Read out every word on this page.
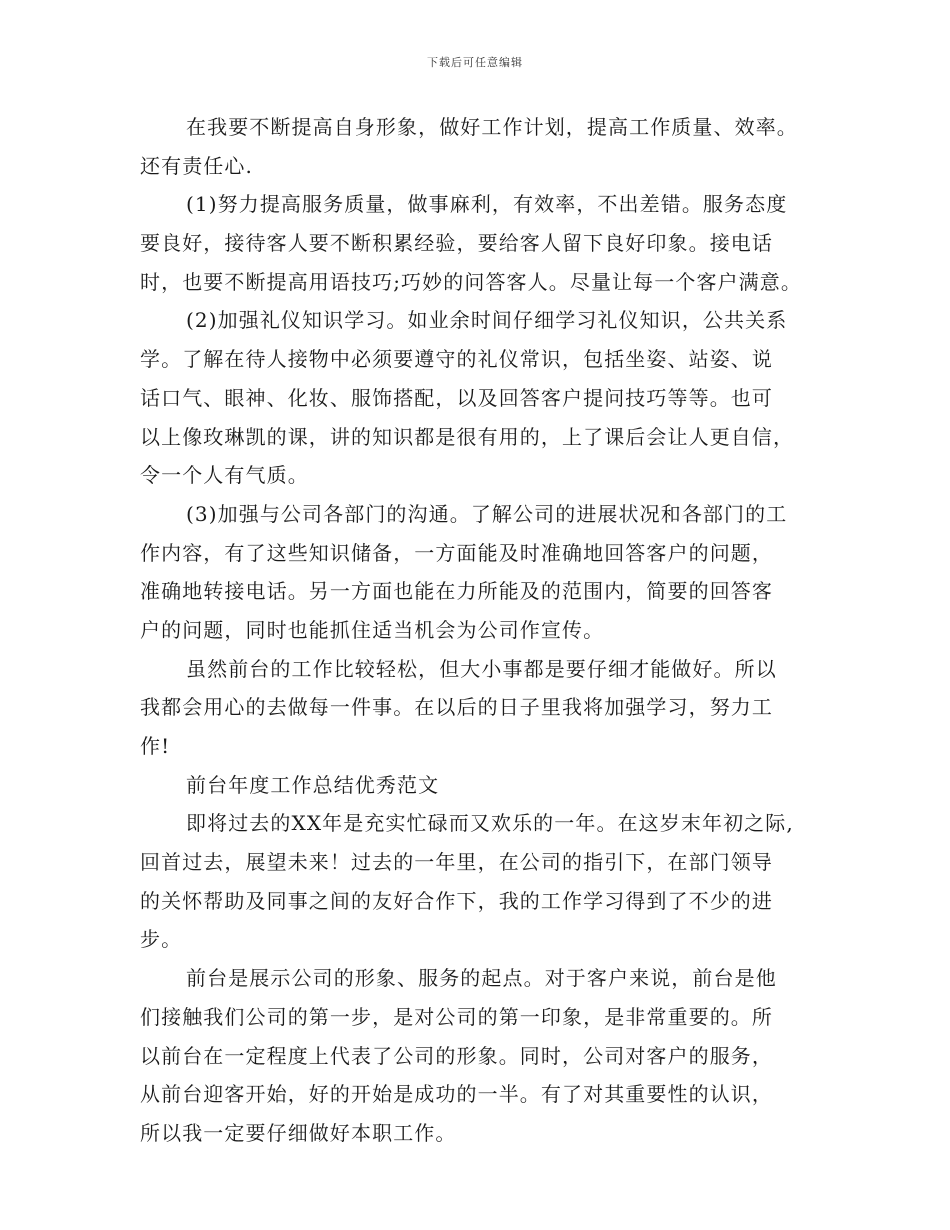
下载后可任意编辑
在我要不断提高自身形象，做好工作计划，提高工作质量、效率。
还有责任心.
(1)努力提高服务质量，做事麻利，有效率，不出差错。服务态度
要良好，接待客人要不断积累经验，要给客人留下良好印象。接电话
时，也要不断提高用语技巧;巧妙的问答客人。尽量让每一个客户满意。
(2)加强礼仪知识学习。如业余时间仔细学习礼仪知识，公共关系
学。了解在待人接物中必须要遵守的礼仪常识，包括坐姿、站姿、说
话口气、眼神、化妆、服饰搭配，以及回答客户提问技巧等等。也可
以上像玫琳凯的课，讲的知识都是很有用的，上了课后会让人更自信，
令一个人有气质。
(3)加强与公司各部门的沟通。了解公司的进展状况和各部门的工
作内容，有了这些知识储备，一方面能及时准确地回答客户的问题，
准确地转接电话。另一方面也能在力所能及的范围内，简要的回答客
户的问题，同时也能抓住适当机会为公司作宣传。
虽然前台的工作比较轻松，但大小事都是要仔细才能做好。所以
我都会用心的去做每一件事。在以后的日子里我将加强学习，努力工
作!
前台年度工作总结优秀范文
即将过去的XX年是充实忙碌而又欢乐的一年。在这岁末年初之际,
回首过去，展望未来！过去的一年里，在公司的指引下，在部门领导
的关怀帮助及同事之间的友好合作下，我的工作学习得到了不少的进
步。
前台是展示公司的形象、服务的起点。对于客户来说，前台是他
们接触我们公司的第一步，是对公司的第一印象，是非常重要的。所
以前台在一定程度上代表了公司的形象。同时，公司对客户的服务，
从前台迎客开始，好的开始是成功的一半。有了对其重要性的认识，
所以我一定要仔细做好本职工作。
